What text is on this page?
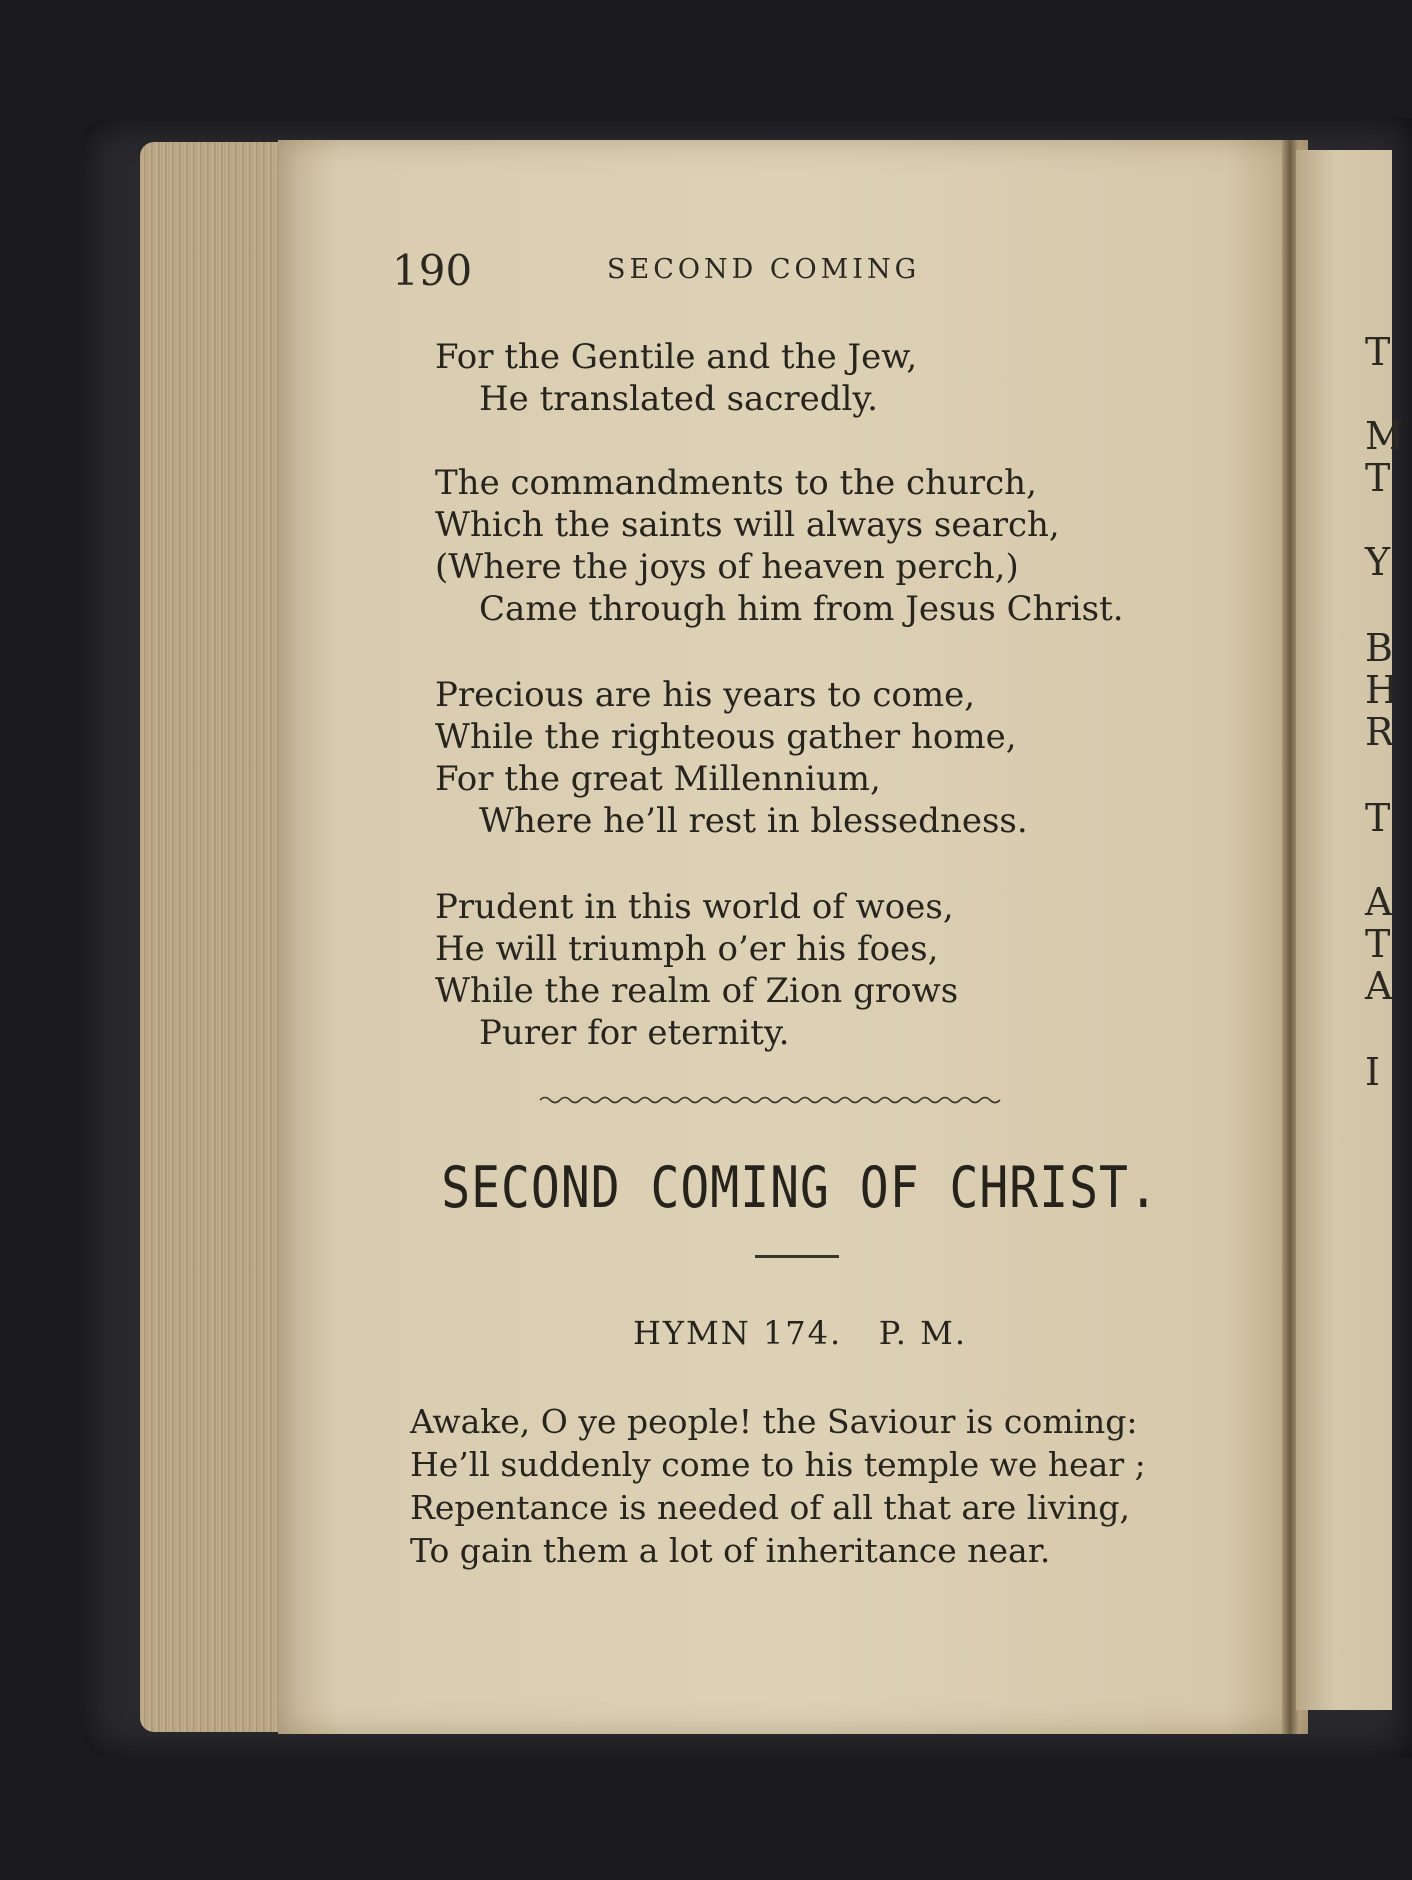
T
M
T
Y
B
H
R
T
A
T
A
I
190	SECOND COMING
For the Gentile and the Jew,
He translated sacredly.
The commandments to the church,
Which the saints will always search,
(Where the joys of heaven perch,)
Came through him from Jesus Christ.
Precious are his years to come,
While the righteous gather home,
For the great Millennium,
Where he’ll rest in blessedness.
Prudent in this world of woes,
He will triumph o’er his foes,
While the realm of Zion grows
Purer for eternity.
SECOND COMING OF CHRIST.
HYMN 174.   P. M.
Awake, O ye people! the Saviour is coming:
He’ll suddenly come to his temple we hear ;
Repentance is needed of all that are living,
To gain them a lot of inheritance near.
